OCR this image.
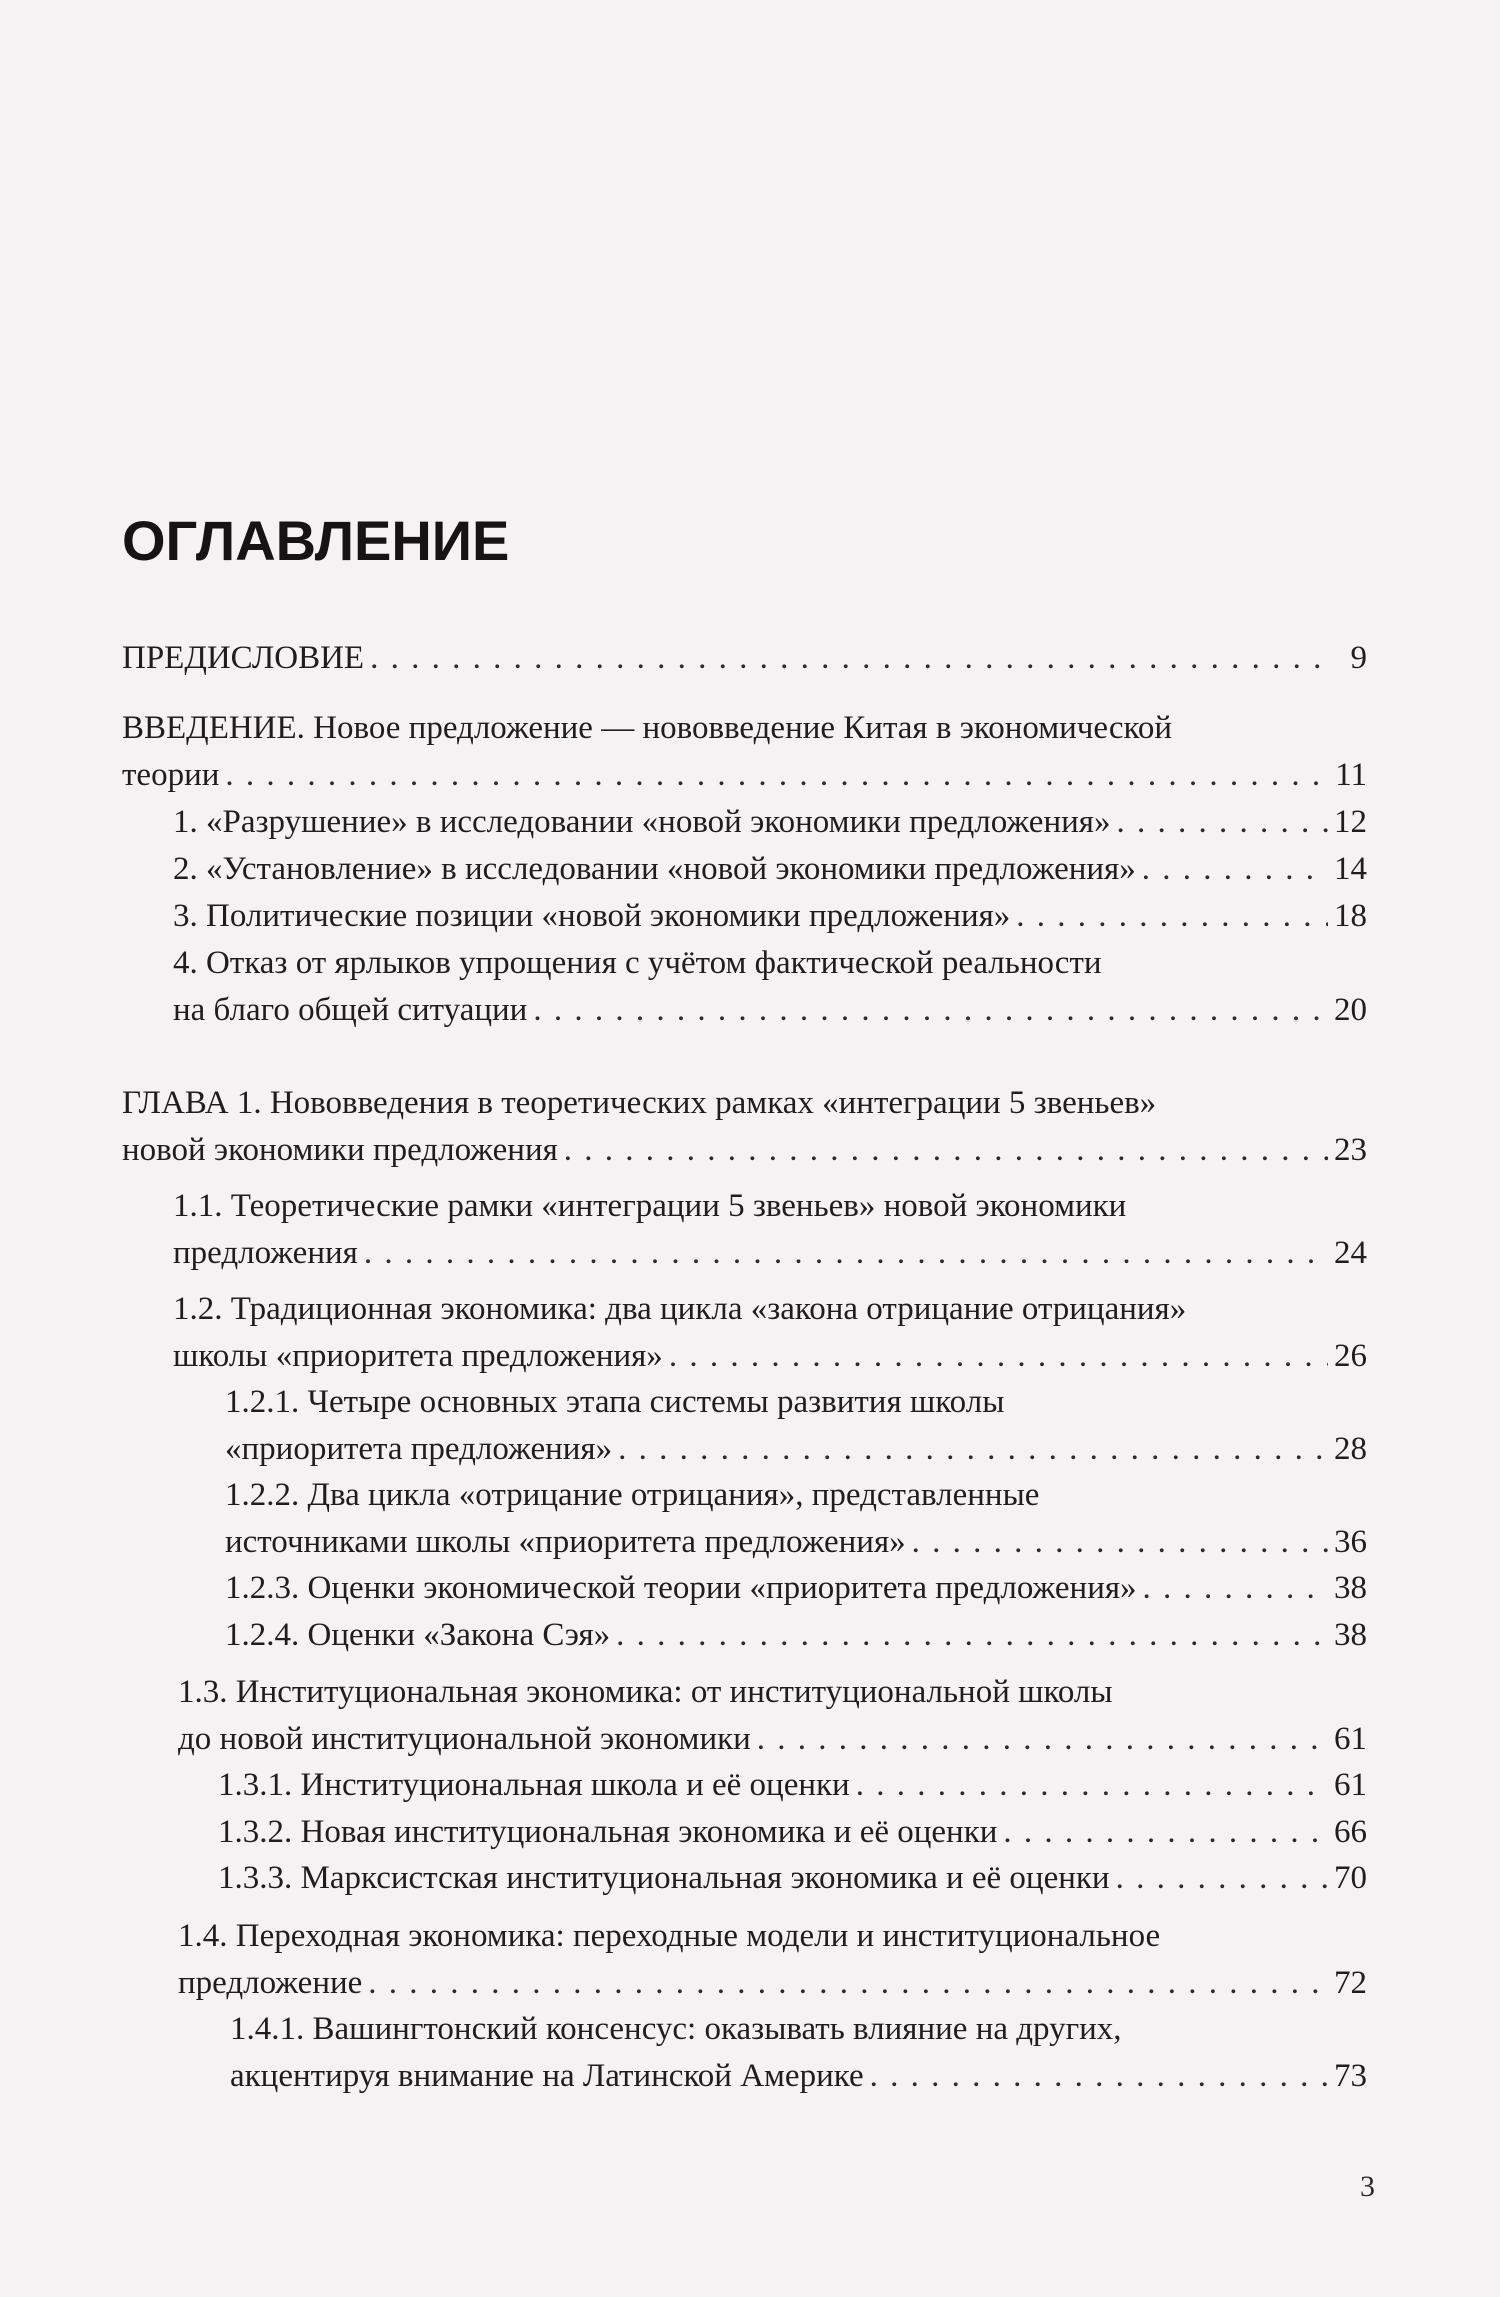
ОГЛАВЛЕНИЕ
ПРЕДИСЛОВИЕ . . .	9
ВВЕДЕНИЕ. Новое предложение — нововведение Китая в экономической
теории . . .	11
1. «Разрушение» в исследовании «новой экономики предложения» . . .	12
2. «Установление» в исследовании «новой экономики предложения» . . .	14
3. Политические позиции «новой экономики предложения» . . .	18
4. Отказ от ярлыков упрощения с учётом фактической реальности
на благо общей ситуации . . .	20
ГЛАВА 1. Нововведения в теоретических рамках «интеграции 5 звеньев»
новой экономики предложения . . .	23
1.1. Теоретические рамки «интеграции 5 звеньев» новой экономики
предложения . . .	24
1.2. Традиционная экономика: два цикла «закона отрицание отрицания»
школы «приоритета предложения» . . .	26
1.2.1. Четыре основных этапа системы развития школы
«приоритета предложения» . . .	28
1.2.2. Два цикла «отрицание отрицания», представленные
источниками школы «приоритета предложения» . . .	36
1.2.3. Оценки экономической теории «приоритета предложения» . . .	38
1.2.4. Оценки «Закона Сэя» . . .	38
1.3. Институциональная экономика: от институциональной школы
до новой институциональной экономики . . .	61
1.3.1. Институциональная школа и её оценки . . .	61
1.3.2. Новая институциональная экономика и её оценки . . .	66
1.3.3. Марксистская институциональная экономика и её оценки . . .	70
1.4. Переходная экономика: переходные модели и институциональное
предложение . . .	72
1.4.1. Вашингтонский консенсус: оказывать влияние на других,
акцентируя внимание на Латинской Америке . . .	73
3
